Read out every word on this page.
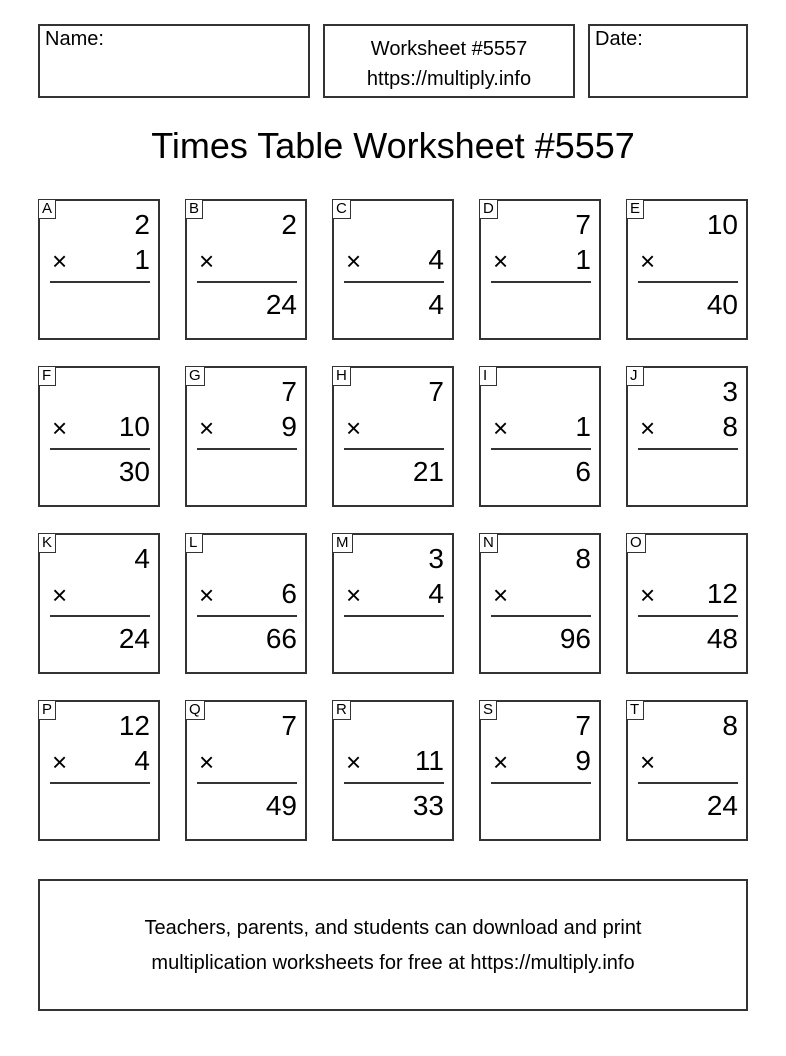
Name:	Worksheet #5557
https://multiply.info
Date:
Times Table Worksheet #5557
A
2
× 1
B
2
×
24
C
× 4
4
D
7
× 1
E
10
×
40
F
× 10
30
G
7
× 9
H
7
×
21
I
× 1
6
J
3
× 8
K
4
×
24
L
× 6
66
M
3
× 4
N
8
×
96
O
× 12
48
P
12
× 4
Q
7
×
49
R
× 11
33
S
7
× 9
T
8
×
24
Teachers, parents, and students can download and print
multiplication worksheets for free at https://multiply.info
